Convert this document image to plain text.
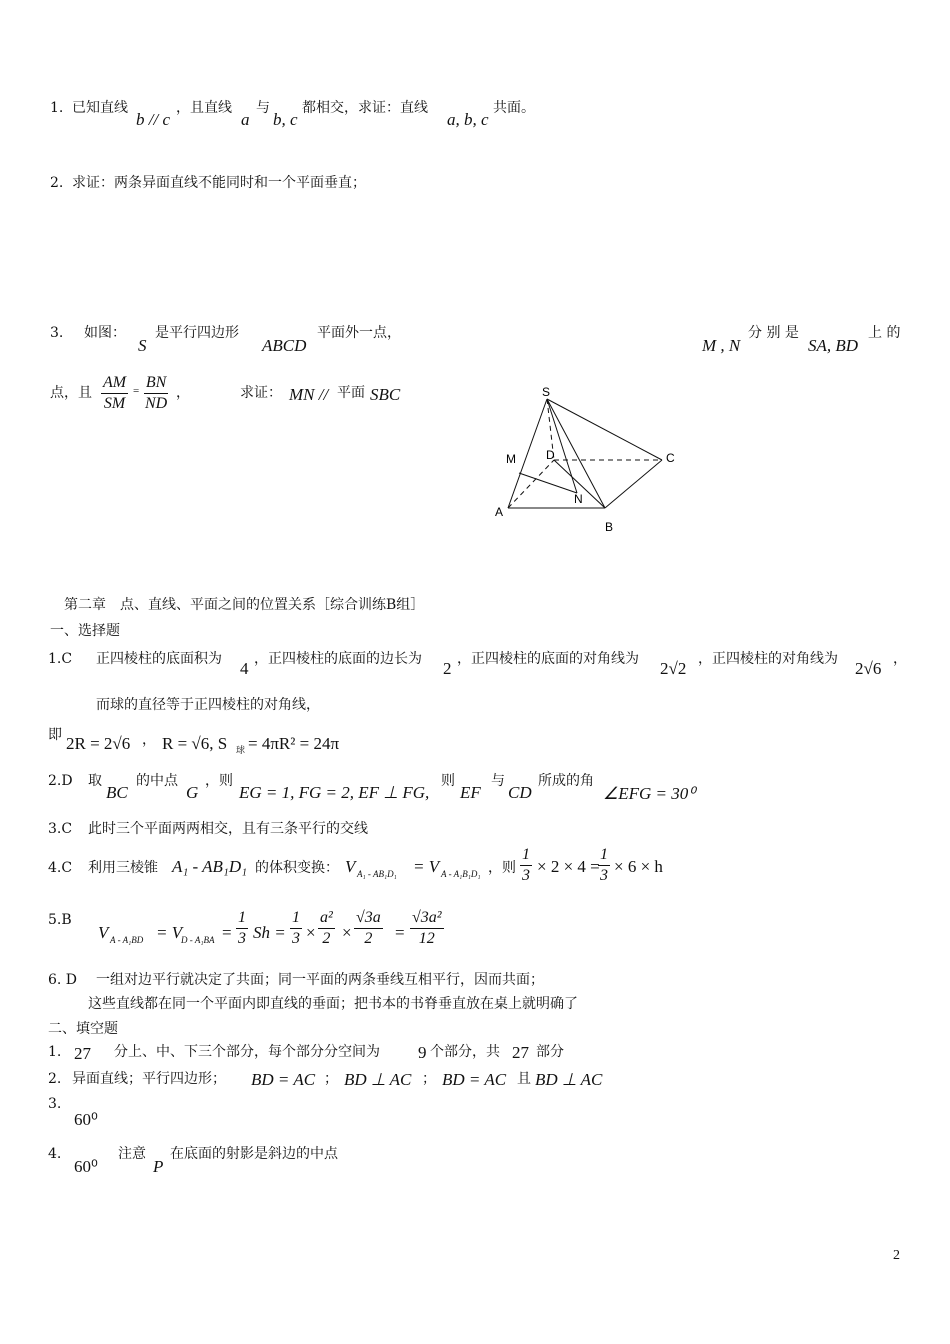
1. 已知直线
b // c
，且直线
a
与
b, c
都相交，求证：直线
a, b, c
共面。
2. 求证：两条异面直线不能同时和一个平面垂直；
3. 如图：
S
是平行四边形
ABCD
平面外一点，
M , N
分 别 是
SA, BD
上 的
点，且 $\frac{AM}{SM} = \frac{BN}{ND}$ ，	求证： MN // 平面 SBC	S
C
M	D
N
A
B
第二章　点、直线、平面之间的位置关系［综合训练B组］
一、选择题
1.C 正四棱柱的底面积为 4 ，正四棱柱的底面的边长为 2 ，正四棱柱的底面的对角线为 2√2 ，正四棱柱的对角线为 2√6 ，
而球的直径等于正四棱柱的对角线，
即 2R = 2√6 ， R = √6, S 球 = 4πR² = 24π
2.D 取
BC
的中点
G
，则
EG = 1, FG = 2, EF ⊥ FG,
则
EF
与
CD
所成的角
∠EFG = 30⁰
3.C 此时三个平面两两相交，且有三条平行的交线
4.C 利用三棱锥 A₁ - AB₁D₁ 的体积变换： V A₁ - AB₁D₁ = V A - A₁B₁D₁ ，则 $\frac{1}{3} \times 2 \times 4$ =
$\frac{1}{3} \times 6 \times h$
5.B
V A - A₁BD = V
$D - A_1BA = \frac{1}{3}$ $Sh = \frac{1}{3} \times \frac{\text{a²}}{2} \times \frac{√3a}{2} = \frac{\text{√3a²}}{12}$
6. D 一组对边平行就决定了共面；同一平面的两条垂线互相平行，因而共面；
这些直线都在同一个平面内即直线的垂面；把书本的书脊垂直放在桌上就明确了
二、填空题
1. 27 分上、中、下三个部分，每个部分分空间为 9 个部分，共 27 部分
2. 异面直线；平行四边形； BD = AC ； BD ⊥ AC ； BD = AC 且 BD ⊥ AC
3.
60⁰
4.
60⁰
注意
P
在底面的射影是斜边的中点
2
